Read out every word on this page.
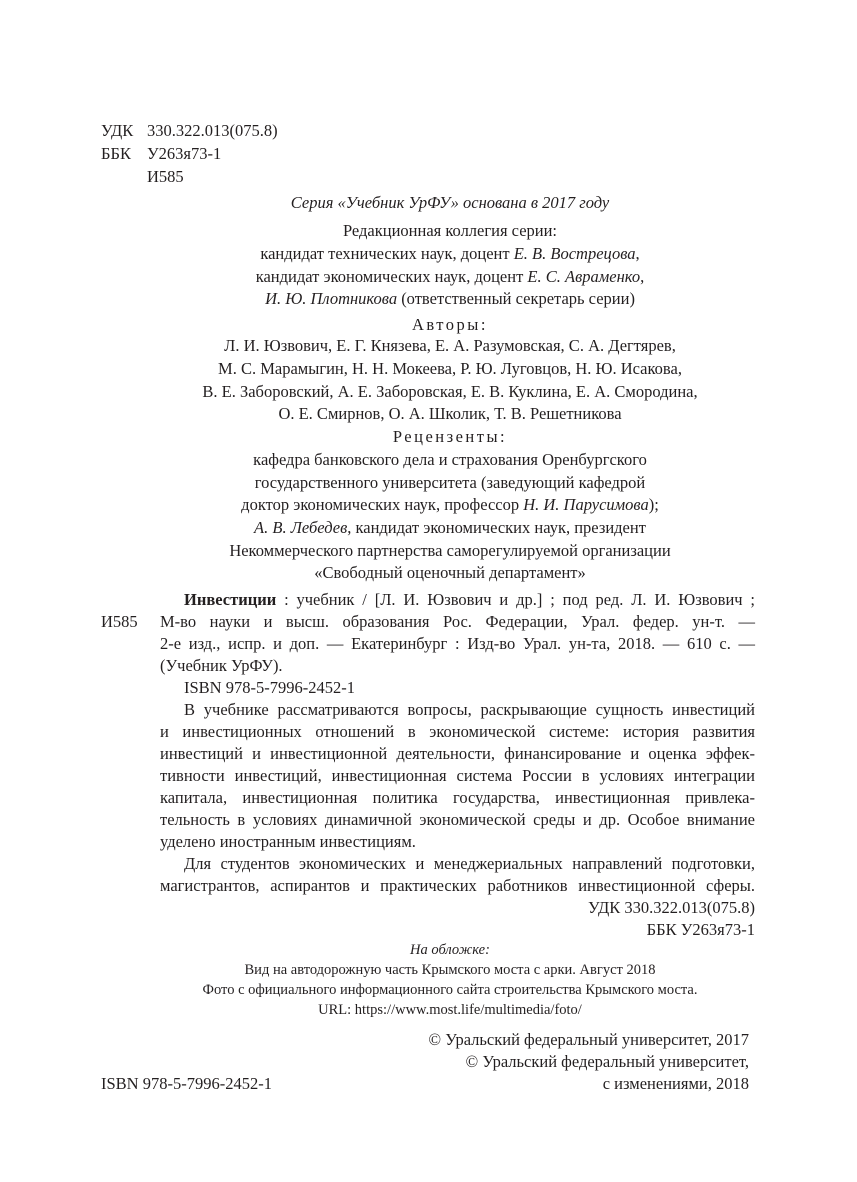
УДК 330.322.013(075.8)
ББК У263я73-1
И585
Серия «Учебник УрФУ» основана в 2017 году
Редакционная коллегия серии:
кандидат технических наук, доцент Е. В. Вострецова,
кандидат экономических наук, доцент Е. С. Авраменко,
И. Ю. Плотникова (ответственный секретарь серии)
Авторы:
Л. И. Юзвович, Е. Г. Князева, Е. А. Разумовская, С. А. Дегтярев,
М. С. Марамыгин, Н. Н. Мокеева, Р. Ю. Луговцов, Н. Ю. Исакова,
В. Е. Заборовский, А. Е. Заборовская, Е. В. Куклина, Е. А. Смородина,
О. Е. Смирнов, О. А. Школик, Т. В. Решетникова
Рецензенты:
кафедра банковского дела и страхования Оренбургского
государственного университета (заведующий кафедрой
доктор экономических наук, профессор Н. И. Парусимова);
А. В. Лебедев, кандидат экономических наук, президент
Некоммерческого партнерства саморегулируемой организации
«Свободный оценочный департамент»
Инвестиции : учебник / [Л. И. Юзвович и др.] ; под ред. Л. И. Юзвович ;
И585 М-во науки и высш. образования Рос. Федерации, Урал. федер. ун-т. —
2-е изд., испр. и доп. — Екатеринбург : Изд-во Урал. ун-та, 2018. — 610 с. —
(Учебник УрФУ).
ISBN 978-5-7996-2452-1
В учебнике рассматриваются вопросы, раскрывающие сущность инвестиций
и инвестиционных отношений в экономической системе: история развития
инвестиций и инвестиционной деятельности, финансирование и оценка эффек-
тивности инвестиций, инвестиционная система России в условиях интеграции
капитала, инвестиционная политика государства, инвестиционная привлека-
тельность в условиях динамичной экономической среды и др. Особое внимание
уделено иностранным инвестициям.
Для студентов экономических и менеджериальных направлений подготовки,
магистрантов, аспирантов и практических работников инвестиционной сферы.
УДК 330.322.013(075.8)
ББК У263я73-1
На обложке:
Вид на автодорожную часть Крымского моста с арки. Август 2018
Фото с официального информационного сайта строительства Крымского моста.
URL: https://www.most.life/multimedia/foto/
© Уральский федеральный университет, 2017
© Уральский федеральный университет,
с изменениями, 2018
ISBN 978-5-7996-2452-1
